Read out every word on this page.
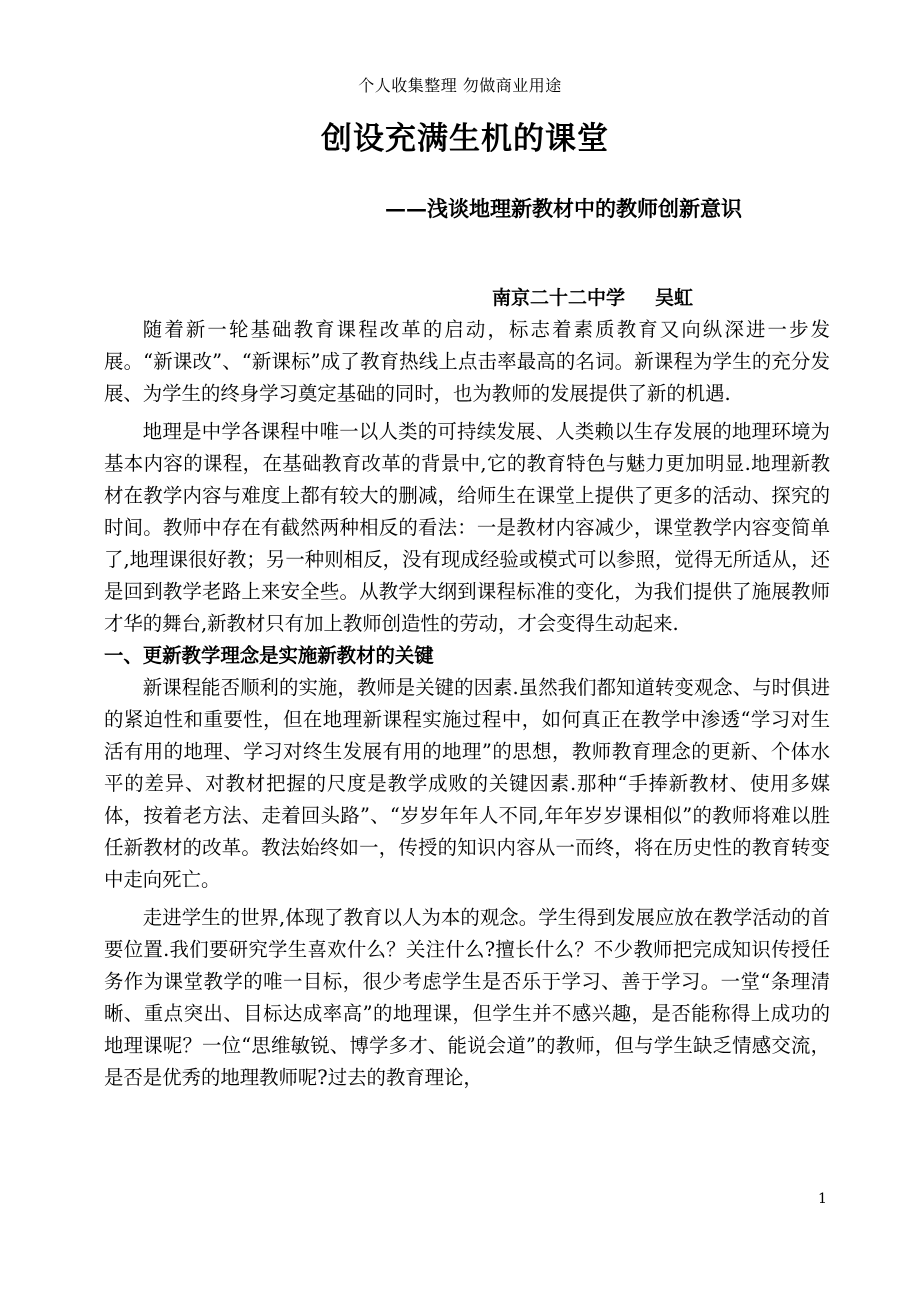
个人收集整理 勿做商业用途
创设充满生机的课堂
——浅谈地理新教材中的教师创新意识
南京二十二中学 吴虹

随着新一轮基础教育课程改革的启动，标志着素质教育又向纵深进一步发展。“新课改”、“新课标”成了教育热线上点击率最高的名词。新课程为学生的充分发展、为学生的终身学习奠定基础的同时，也为教师的发展提供了新的机遇.

地理是中学各课程中唯一以人类的可持续发展、人类赖以生存发展的地理环境为基本内容的课程，在基础教育改革的背景中,它的教育特色与魅力更加明显.地理新教材在教学内容与难度上都有较大的删减，给师生在课堂上提供了更多的活动、探究的时间。教师中存在有截然两种相反的看法：一是教材内容减少，课堂教学内容变简单了,地理课很好教；另一种则相反，没有现成经验或模式可以参照，觉得无所适从，还是回到教学老路上来安全些。从教学大纲到课程标准的变化，为我们提供了施展教师才华的舞台,新教材只有加上教师创造性的劳动，才会变得生动起来.

一、更新教学理念是实施新教材的关键

新课程能否顺利的实施，教师是关键的因素.虽然我们都知道转变观念、与时俱进的紧迫性和重要性，但在地理新课程实施过程中，如何真正在教学中渗透“学习对生活有用的地理、学习对终生发展有用的地理”的思想，教师教育理念的更新、个体水平的差异、对教材把握的尺度是教学成败的关键因素.那种“手捧新教材、使用多媒体，按着老方法、走着回头路”、“岁岁年年人不同,年年岁岁课相似”的教师将难以胜任新教材的改革。教法始终如一，传授的知识内容从一而终，将在历史性的教育转变中走向死亡。

走进学生的世界,体现了教育以人为本的观念。学生得到发展应放在教学活动的首要位置.我们要研究学生喜欢什么？关注什么?擅长什么？不少教师把完成知识传授任务作为课堂教学的唯一目标，很少考虑学生是否乐于学习、善于学习。一堂“条理清晰、重点突出、目标达成率高”的地理课，但学生并不感兴趣，是否能称得上成功的地理课呢？一位“思维敏锐、博学多才、能说会道”的教师，但与学生缺乏情感交流，是否是优秀的地理教师呢?过去的教育理论，

1
